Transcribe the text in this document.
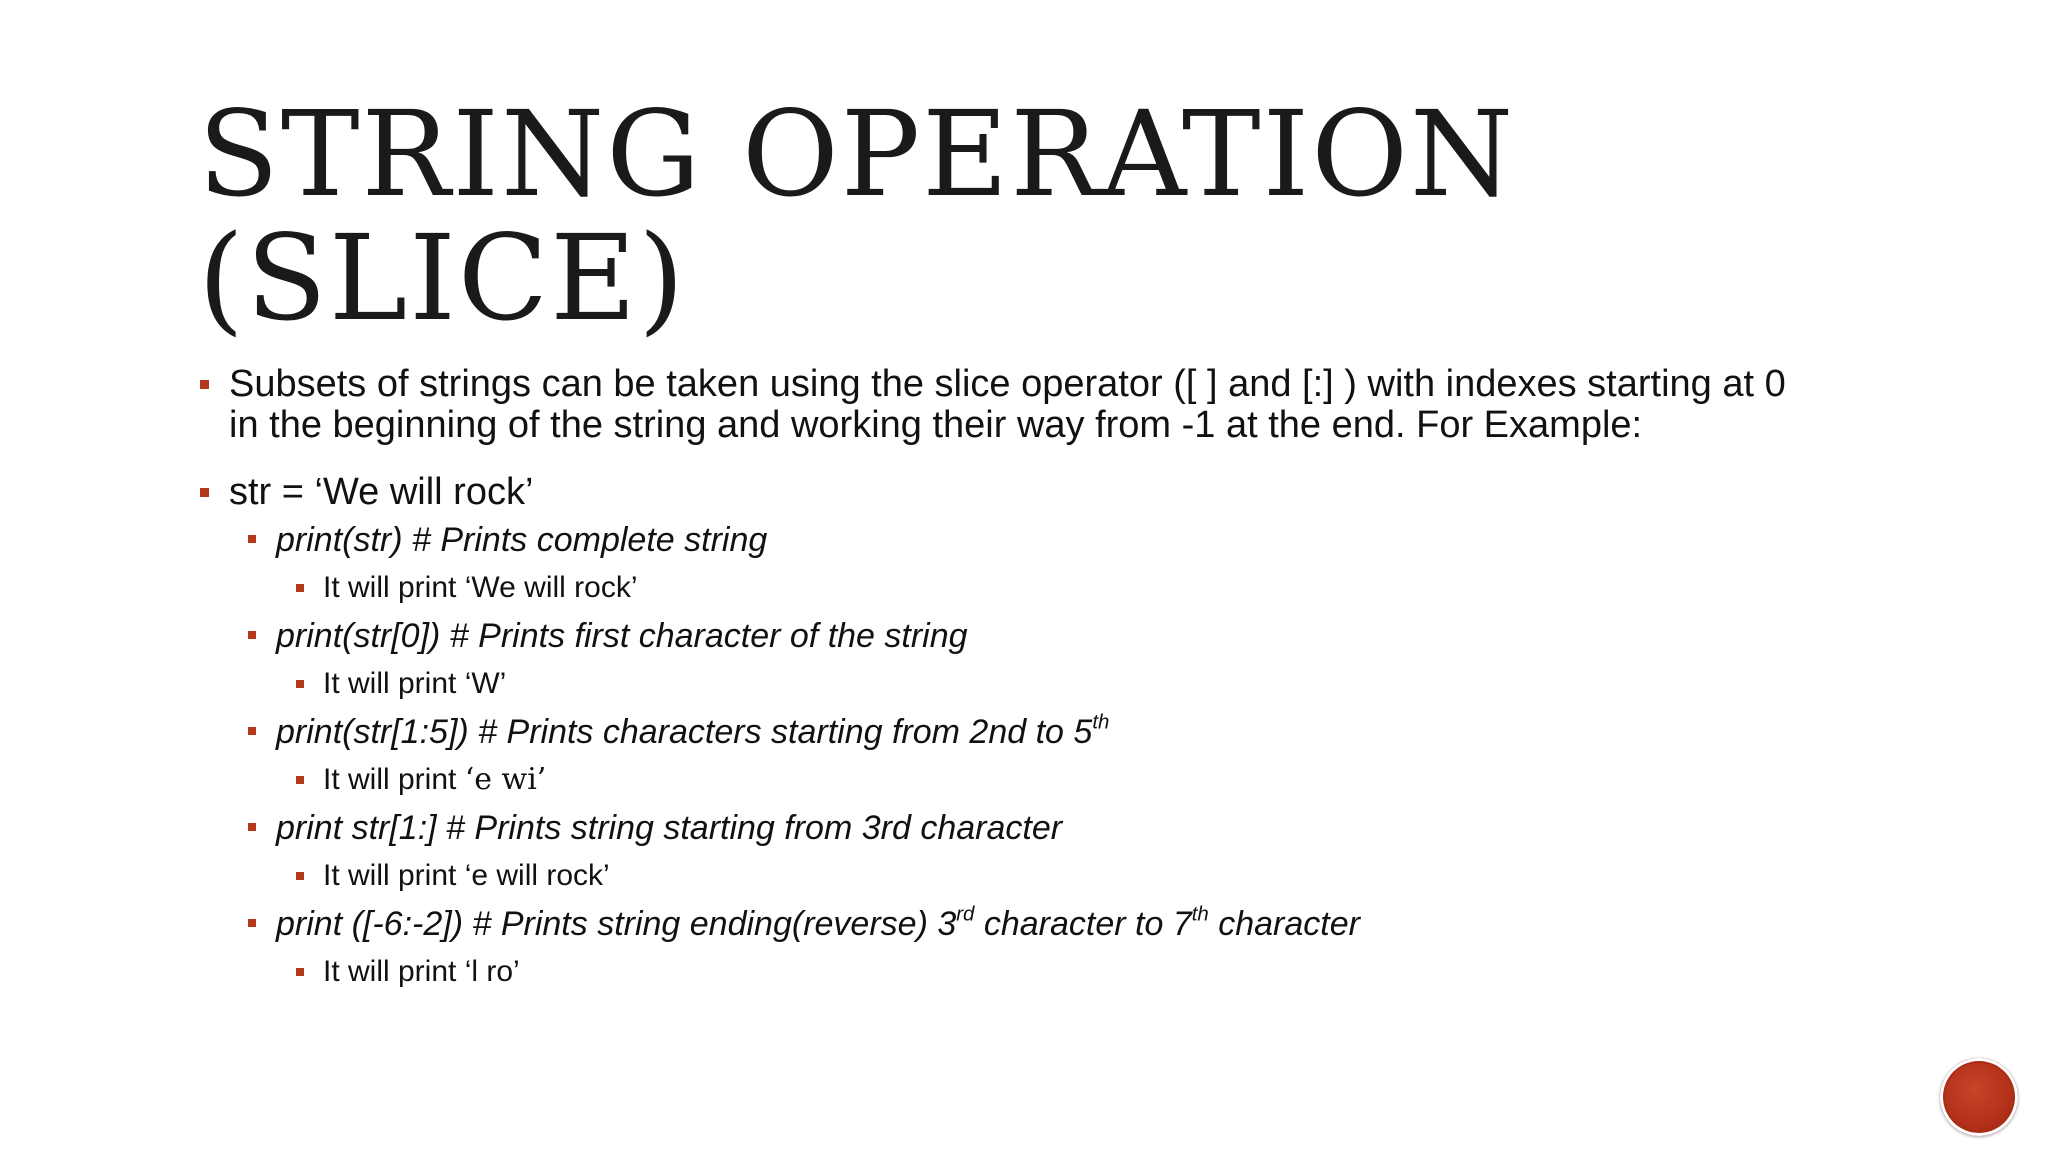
STRING OPERATION
(SLICE)
Subsets of strings can be taken using the slice operator ([ ] and [:] ) with indexes starting at 0
in the beginning of the string and working their way from -1 at the end. For Example:
str = ‘We will rock’
print(str) # Prints complete string
It will print ‘We will rock’
print(str[0]) # Prints first character of the string
It will print ‘W’
print(str[1:5]) # Prints characters starting from 2nd to 5th
It will print ‘e wi’
print str[1:] # Prints string starting from 3rd character
It will print ‘e will rock’
print ([-6:-2]) # Prints string ending(reverse) 3rd character to 7th character
It will print ‘l ro’
